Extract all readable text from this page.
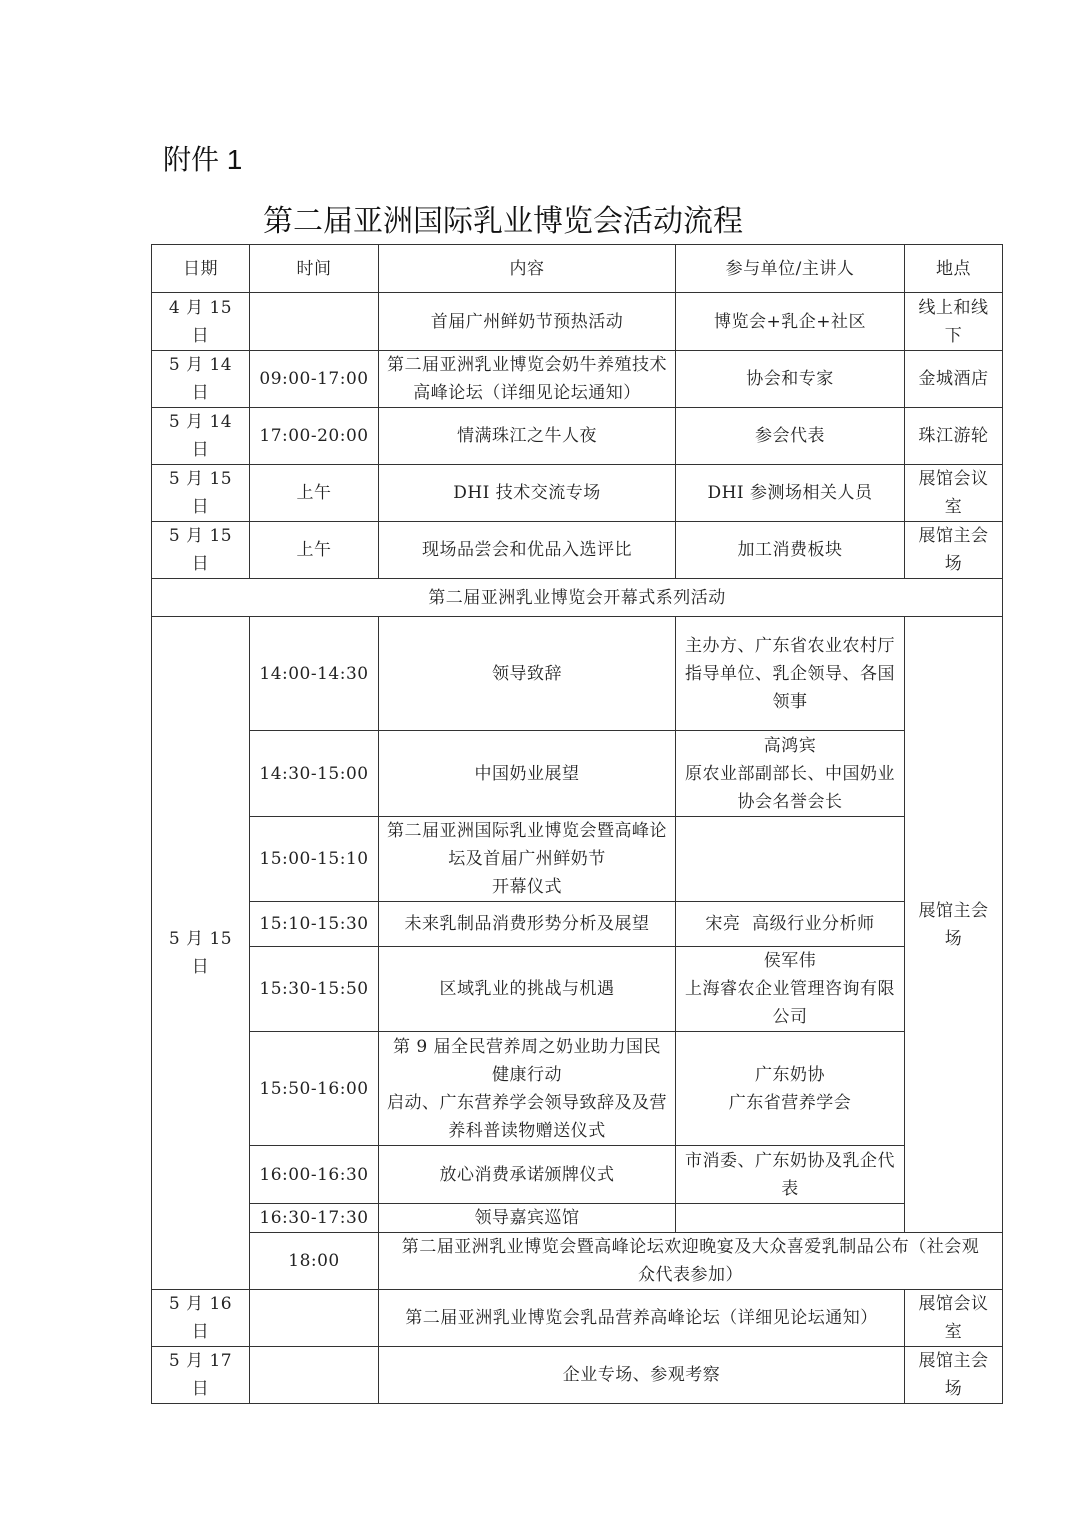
附件 1
第二届亚洲国际乳业博览会活动流程
日期	时间	内容	参与单位/主讲人	地点
4 月 15 日		首届广州鲜奶节预热活动	博览会+乳企+社区	线上和线下
5 月 14 日	09:00-17:00	第二届亚洲乳业博览会奶牛养殖技术高峰论坛（详细见论坛通知）	协会和专家	金城酒店
5 月 14 日	17:00-20:00	情满珠江之牛人夜	参会代表	珠江游轮
5 月 15 日	上午	DHI 技术交流专场	DHI 参测场相关人员	展馆会议室
5 月 15 日	上午	现场品尝会和优品入选评比	加工消费板块	展馆主会场
第二届亚洲乳业博览会开幕式系列活动				
5 月 15 日	14:00-14:30	领导致辞	主办方、广东省农业农村厅指导单位、乳企领导、各国领事	展馆主会场
	14:30-15:00	中国奶业展望	高鸿宾
原农业部副部长、中国奶业协会名誉会长	

	15:00-15:10	第二届亚洲国际乳业博览会暨高峰论坛及首届广州鲜奶节
开幕仪式		

	15:10-15:30	未来乳制品消费形势分析及展望	宋亮  高级行业分析师	
	15:30-15:50	区域乳业的挑战与机遇	侯军伟
上海睿农企业管理咨询有限公司	

	15:50-16:00	第 9 届全民营养周之奶业助力国民健康行动
启动、广东营养学会领导致辞及及营养科普读物赠送仪式	广东奶协
广东省营养学会	

	16:00-16:30	放心消费承诺颁牌仪式	市消委、广东奶协及乳企代表	
	16:30-17:30	领导嘉宾巡馆		
	18:00	第二届亚洲乳业博览会暨高峰论坛欢迎晚宴及大众喜爱乳制品公布（社会观众代表参加）		
5 月 16 日		第二届亚洲乳业博览会乳品营养高峰论坛（详细见论坛通知）		展馆会议室
5 月 17 日		企业专场、参观考察		展馆主会场
